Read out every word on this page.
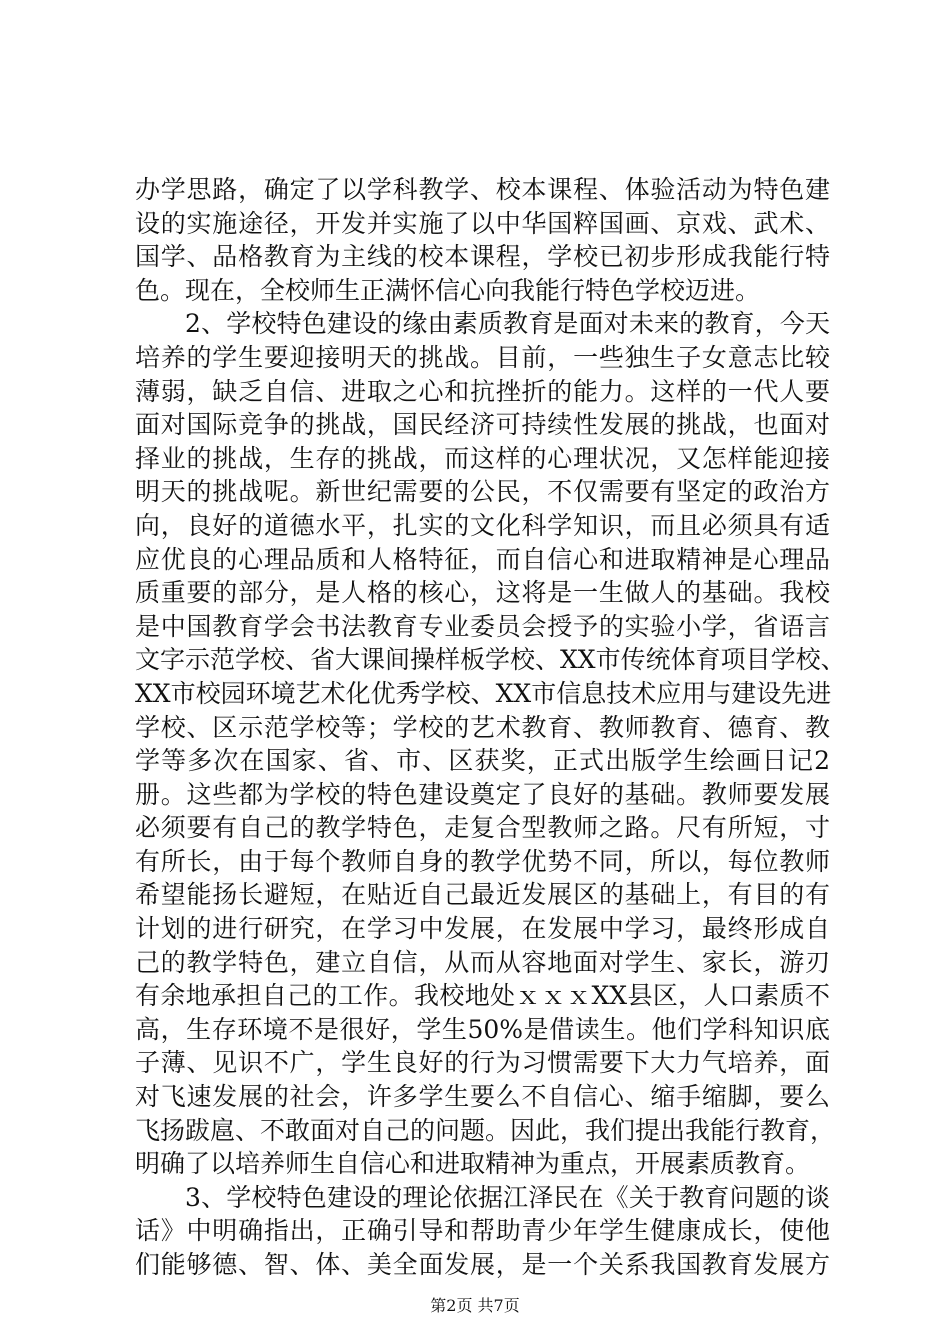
办学思路，确定了以学科教学、校本课程、体验活动为特色建
设的实施途径，开发并实施了以中华国粹国画、京戏、武术、
国学、品格教育为主线的校本课程，学校已初步形成我能行特
色。现在，全校师生正满怀信心向我能行特色学校迈进。
2、学校特色建设的缘由素质教育是面对未来的教育，今天
培养的学生要迎接明天的挑战。目前，一些独生子女意志比较
薄弱，缺乏自信、进取之心和抗挫折的能力。这样的一代人要
面对国际竞争的挑战，国民经济可持续性发展的挑战，也面对
择业的挑战，生存的挑战，而这样的心理状况，又怎样能迎接
明天的挑战呢。新世纪需要的公民，不仅需要有坚定的政治方
向，良好的道德水平，扎实的文化科学知识，而且必须具有适
应优良的心理品质和人格特征，而自信心和进取精神是心理品
质重要的部分，是人格的核心，这将是一生做人的基础。我校
是中国教育学会书法教育专业委员会授予的实验小学，省语言
文字示范学校、省大课间操样板学校、XX市传统体育项目学校、
XX市校园环境艺术化优秀学校、XX市信息技术应用与建设先进
学校、区示范学校等；学校的艺术教育、教师教育、德育、教
学等多次在国家、省、市、区获奖，正式出版学生绘画日记2
册。这些都为学校的特色建设奠定了良好的基础。教师要发展
必须要有自己的教学特色，走复合型教师之路。尺有所短，寸
有所长，由于每个教师自身的教学优势不同，所以，每位教师
希望能扬长避短，在贴近自己最近发展区的基础上，有目的有
计划的进行研究，在学习中发展，在发展中学习，最终形成自
己的教学特色，建立自信，从而从容地面对学生、家长，游刃
有余地承担自己的工作。我校地处ｘｘｘXX县区，人口素质不
高，生存环境不是很好，学生50%是借读生。他们学科知识底
子薄、见识不广，学生良好的行为习惯需要下大力气培养，面
对飞速发展的社会，许多学生要么不自信心、缩手缩脚，要么
飞扬跋扈、不敢面对自己的问题。因此，我们提出我能行教育，
明确了以培养师生自信心和进取精神为重点，开展素质教育。
3、学校特色建设的理论依据江泽民在《关于教育问题的谈
话》中明确指出，正确引导和帮助青少年学生健康成长，使他
们能够德、智、体、美全面发展，是一个关系我国教育发展方
第2页 共7页
